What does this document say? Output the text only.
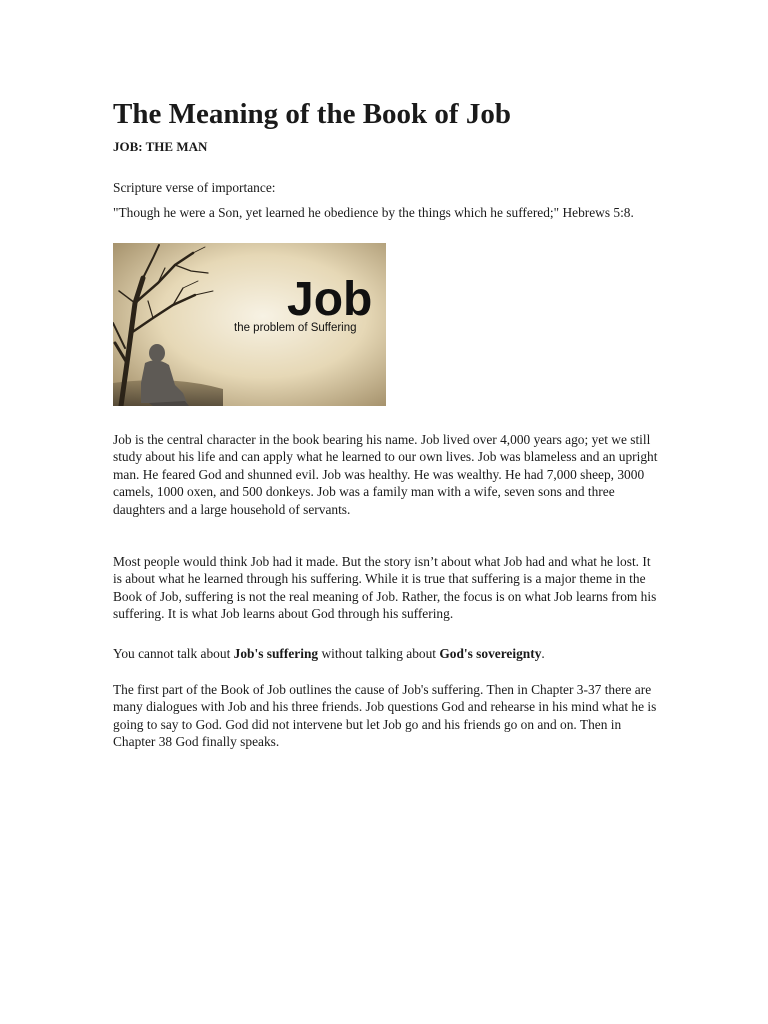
The Meaning of the Book of Job
JOB: THE MAN
Scripture verse of importance:
"Though he were a Son, yet learned he obedience by the things which he suffered;" Hebrews 5:8.
Job
the problem of Suffering
Job is the central character in the book bearing his name. Job lived over 4,000 years ago; yet we still study about his life and can apply what he learned to our own lives. Job was blameless and an upright man. He feared God and shunned evil. Job was healthy. He was wealthy. He had 7,000 sheep, 3000 camels, 1000 oxen, and 500 donkeys. Job was a family man with a wife, seven sons and three daughters and a large household of servants.
Most people would think Job had it made. But the story isn’t about what Job had and what he lost. It is about what he learned through his suffering. While it is true that suffering is a major theme in the Book of Job, suffering is not the real meaning of Job. Rather, the focus is on what Job learns from his suffering. It is what Job learns about God through his suffering.
You cannot talk about Job's suffering without talking about God's sovereignty.
The first part of the Book of Job outlines the cause of Job's suffering. Then in Chapter 3-37 there are many dialogues with Job and his three friends. Job questions God and rehearse in his mind what he is going to say to God. God did not intervene but let Job go and his friends go on and on. Then in Chapter 38 God finally speaks.
